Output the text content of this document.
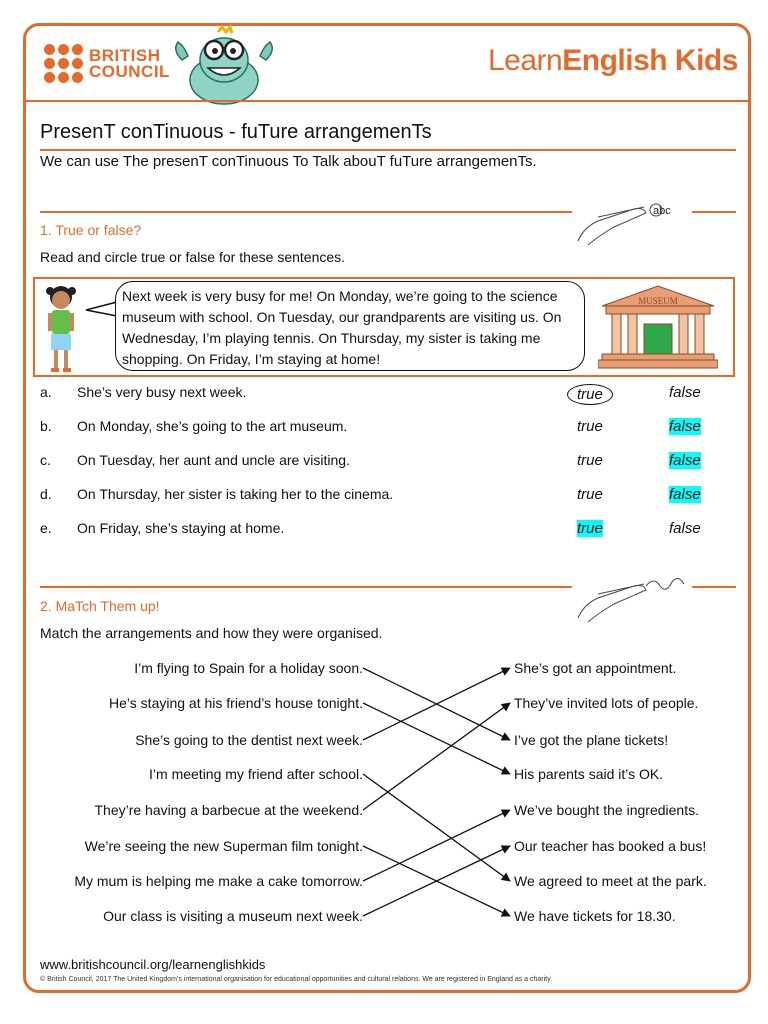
BRITISH
COUNCIL	LearnEnglish Kids
PresenT conTinuous - fuTure arrangemenTs
We can use The presenT conTinuous To Talk abouT fuTure arrangemenTs.
abc
1. True or false?
Read and circle true or false for these sentences.
Next week is very busy for me! On Monday, we’re going to the science museum with school. On Tuesday, our grandparents are visiting us. On Wednesday, I’m playing tennis. On Thursday, my sister is taking me shopping. On Friday, I’m staying at home!
MUSEUM
a. She’s very busy next week.	true	false
b. On Monday, she’s going to the art museum.	true	false
c. On Tuesday, her aunt and uncle are visiting.	true	false
d. On Thursday, her sister is taking her to the cinema.	true	false
e. On Friday, she’s staying at home.	true	false
2. MaTch Them up!
Match the arrangements and how they were organised.
I’m flying to Spain for a holiday soon.
He’s staying at his friend’s house tonight.
She’s going to the dentist next week.
I’m meeting my friend after school.
They’re having a barbecue at the weekend.
We’re seeing the new Superman film tonight.
My mum is helping me make a cake tomorrow.
Our class is visiting a museum next week.
She’s got an appointment.
They’ve invited lots of people.
I’ve got the plane tickets!
His parents said it’s OK.
We’ve bought the ingredients.
Our teacher has booked a bus!
We agreed to meet at the park.
We have tickets for 18.30.
www.britishcouncil.org/learnenglishkids
© British Council, 2017 The United Kingdom’s international organisation for educational opportunities and cultural relations. We are registered in England as a charity.
